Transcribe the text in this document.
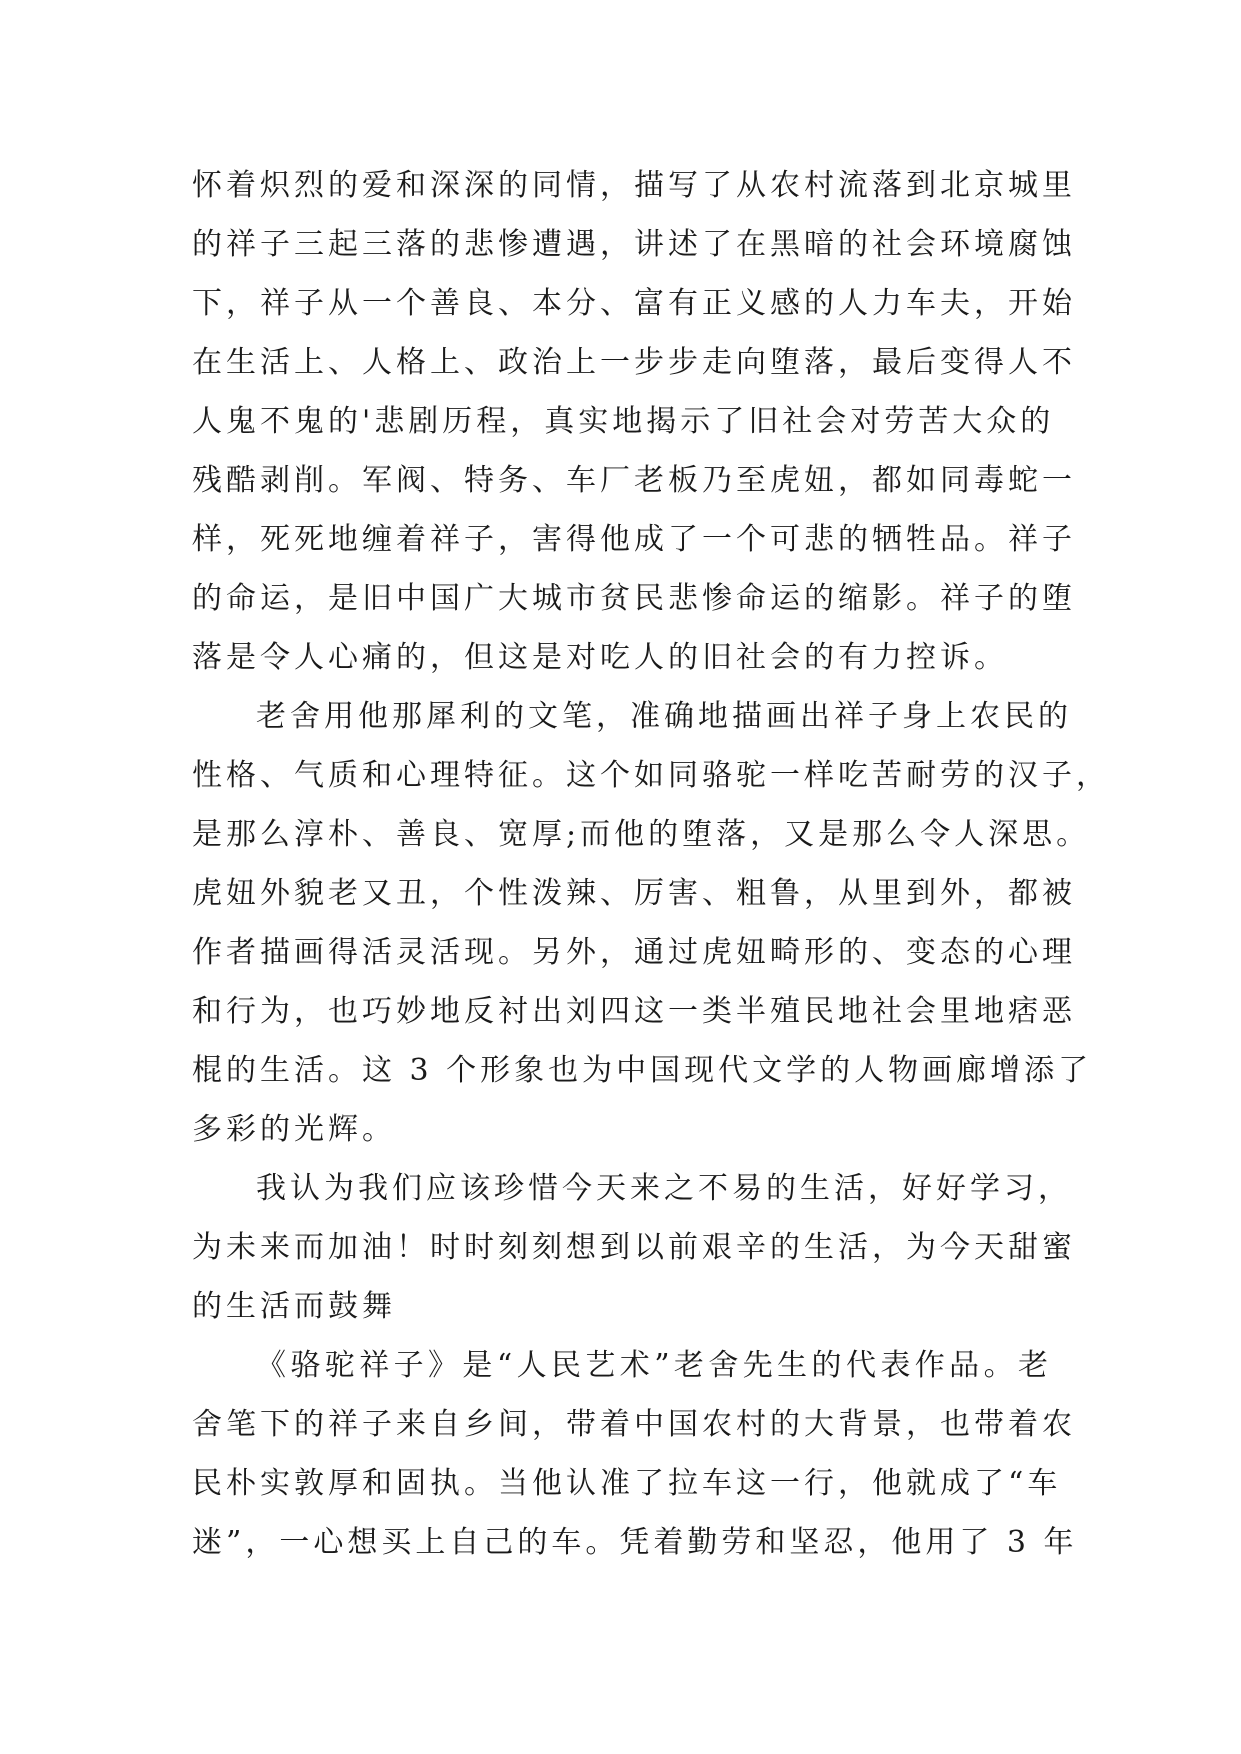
怀着炽烈的爱和深深的同情，描写了从农村流落到北京城里
的祥子三起三落的悲惨遭遇，讲述了在黑暗的社会环境腐蚀
下，祥子从一个善良、本分、富有正义感的人力车夫，开始
在生活上、人格上、政治上一步步走向堕落，最后变得人不
人鬼不鬼的'悲剧历程，真实地揭示了旧社会对劳苦大众的
残酷剥削。军阀、特务、车厂老板乃至虎妞，都如同毒蛇一
样，死死地缠着祥子，害得他成了一个可悲的牺牲品。祥子
的命运，是旧中国广大城市贫民悲惨命运的缩影。祥子的堕
落是令人心痛的，但这是对吃人的旧社会的有力控诉。
老舍用他那犀利的文笔，准确地描画出祥子身上农民的
性格、气质和心理特征。这个如同骆驼一样吃苦耐劳的汉子，
是那么淳朴、善良、宽厚;而他的堕落，又是那么令人深思。
虎妞外貌老又丑，个性泼辣、厉害、粗鲁，从里到外，都被
作者描画得活灵活现。另外，通过虎妞畸形的、变态的心理
和行为，也巧妙地反衬出刘四这一类半殖民地社会里地痞恶
棍的生活。这 3 个形象也为中国现代文学的人物画廊增添了
多彩的光辉。
我认为我们应该珍惜今天来之不易的生活，好好学习，
为未来而加油！时时刻刻想到以前艰辛的生活，为今天甜蜜
的生活而鼓舞
《骆驼祥子》是“人民艺术”老舍先生的代表作品。老
舍笔下的祥子来自乡间，带着中国农村的大背景，也带着农
民朴实敦厚和固执。当他认准了拉车这一行，他就成了“车
迷”，一心想买上自己的车。凭着勤劳和坚忍，他用了 3 年
